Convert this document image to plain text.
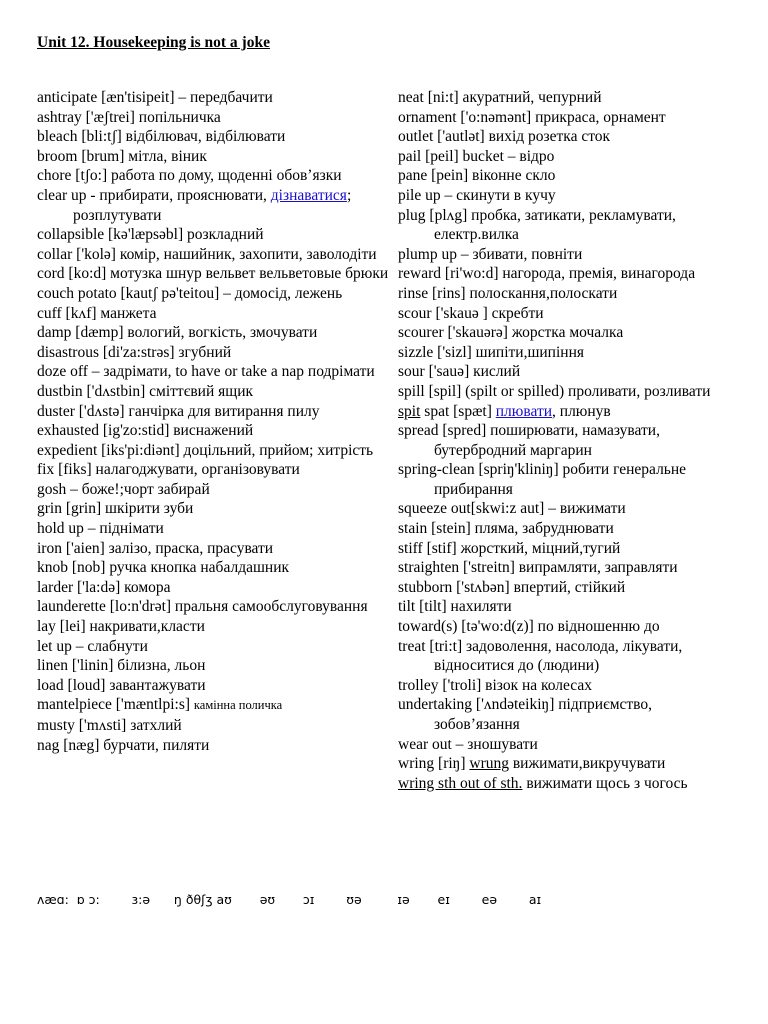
Unit 12. Housekeeping is not a joke
anticipate [æn'tisipeit] – передбачити
ashtray ['æʃtrei] попільничка
bleach [bli:tʃ] відбілювач, відбілювати
broom [brum] мітла, віник
chore [tʃo:] работа по дому, щоденні обов’язки
clear up - прибирати, прояснювати, дізнаватися; розплутувати
collapsible [kə'læpsəbl] розкладний
collar ['kolə] комір, нашийник, захопити, заволодіти
cord [ko:d] мотузка шнур вельвет вельветовые брюки
couch potato [kautʃ pə'teitou] – домосід, лежень
cuff [kʌf] манжета
damp [dæmp] вологий, вогкість, змочувати
disastrous [di'za:strəs] згубний
doze off – задрімати, to have or take a nap подрімати
dustbin ['dʌstbin] сміттєвий ящик
duster ['dʌstə] ганчірка для витирання пилу
exhausted [ig'zo:stid] виснажений
expedient [iks'pi:diənt] доцільний, прийом; хитрість
fix [fiks] налагоджувати, організовувати
gosh – боже!;чорт забирай
grin [grin] шкірити зуби
hold up – піднімати
iron ['aien] залізо, праска, прасувати
knob [nob] ручка кнопка набалдашник
larder ['la:də] комора
launderette [lo:n'drət] пральня самообслуговування
lay [lei] накривати,класти
let up – слабнути
linen ['linin] білизна, льон
load [loud] завантажувати
mantelpiece ['mæntlpi:s] камінна поличка
musty ['mʌsti] затхлий
nag [næg] бурчати, пиляти
neat [ni:t] акуратний, чепурний
ornament ['o:nəmənt] прикраса, орнамент
outlet ['autlət] вихід розетка сток
pail [peil] bucket – відро
pane [pein] віконне скло
pile up – скинути в кучу
plug [plʌg] пробка, затикати, рекламувати, електр.вилка
plump up – збивати, повніти
reward [ri'wo:d] нагорода, премія, винагорода
rinse [rins] полоскання,полоскати
scour ['skauə ] скребти
scourer ['skauərə] жорстка мочалка
sizzle ['sizl] шипіти,шипіння
sour ['sauə] кислий
spill [spil] (spilt or spilled) проливати, розливати
spit spat [spæt] плювати, плюнув
spread [spred] поширювати, намазувати, бутербродний маргарин
spring-clean [spriŋ'kliniŋ] робити генеральне прибирання
squeeze out[skwi:z aut] – вижимати
stain [stein] пляма, забруднювати
stiff [stif] жорсткий, міцний,тугий
straighten ['streitn] випрамляти, заправляти
stubborn ['stʌbən] впертий, стійкий
tilt [tilt] нахиляти
toward(s) [tə'wo:d(z)] по відношенню до
treat [tri:t] задоволення, насолода, лікувати, відноситися до (людини)
trolley ['troli] візок на колесах
undertaking ['ʌndəteikiŋ] підприємство, зобов’язання
wear out – зношувати
wring [riŋ] wrung вижимати,викручувати
wring sth out of sth. вижимати щось з чогось
ʌæɑ:  ɒ ɔ:        ɜ:ə      ŋ ðθʃʒ aʊ       əʊ       ɔɪ        ʊə         ɪə       eɪ        eə        aɪ
